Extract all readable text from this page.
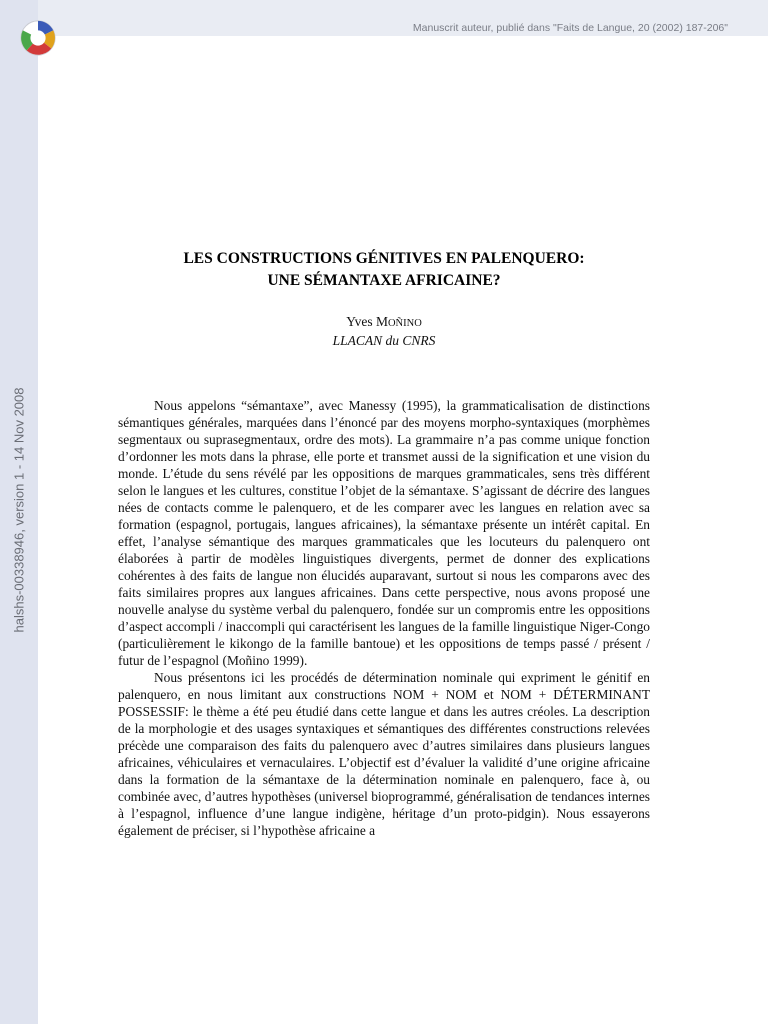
Manuscrit auteur, publié dans "Faits de Langue, 20 (2002) 187-206"
halshs-00338946, version 1 - 14 Nov 2008
LES CONSTRUCTIONS GÉNITIVES EN PALENQUERO:
UNE SÉMANTAXE AFRICAINE?
Yves MOÑINO
LLACAN du CNRS

Nous appelons “sémantaxe”, avec Manessy (1995), la grammaticalisation de distinctions sémantiques générales, marquées dans l’énoncé par des moyens morpho-syntaxiques (morphèmes segmentaux ou suprasegmentaux, ordre des mots). La grammaire n’a pas comme unique fonction d’ordonner les mots dans la phrase, elle porte et transmet aussi de la signification et une vision du monde. L’étude du sens révélé par les oppositions de marques grammaticales, sens très différent selon le langues et les cultures, constitue l’objet de la sémantaxe. S’agissant de décrire des langues nées de contacts comme le palenquero, et de les comparer avec les langues en relation avec sa formation (espagnol, portugais, langues africaines), la sémantaxe présente un intérêt capital. En effet, l’analyse sémantique des marques grammaticales que les locuteurs du palenquero ont élaborées à partir de modèles linguistiques divergents, permet de donner des explications cohérentes à des faits de langue non élucidés auparavant, surtout si nous les comparons avec des faits similaires propres aux langues africaines. Dans cette perspective, nous avons proposé une nouvelle analyse du système verbal du palenquero, fondée sur un compromis entre les oppositions d’aspect accompli / inaccompli qui caractérisent les langues de la famille linguistique Niger-Congo (particulièrement le kikongo de la famille bantoue) et les oppositions de temps passé / présent / futur de l’espagnol (Moñino 1999).

Nous présentons ici les procédés de détermination nominale qui expriment le génitif en palenquero, en nous limitant aux constructions NOM + NOM et NOM + DÉTERMINANT POSSESSIF: le thème a été peu étudié dans cette langue et dans les autres créoles. La description de la morphologie et des usages syntaxiques et sémantiques des différentes constructions relevées précède une comparaison des faits du palenquero avec d’autres similaires dans plusieurs langues africaines, véhiculaires et vernaculaires. L’objectif est d’évaluer la validité d’une origine africaine dans la formation de la sémantaxe de la détermination nominale en palenquero, face à, ou combinée avec, d’autres hypothèses (universel bioprogrammé, généralisation de tendances internes à l’espagnol, influence d’une langue indigène, héritage d’un proto-pidgin). Nous essayerons également de préciser, si l’hypothèse africaine a
